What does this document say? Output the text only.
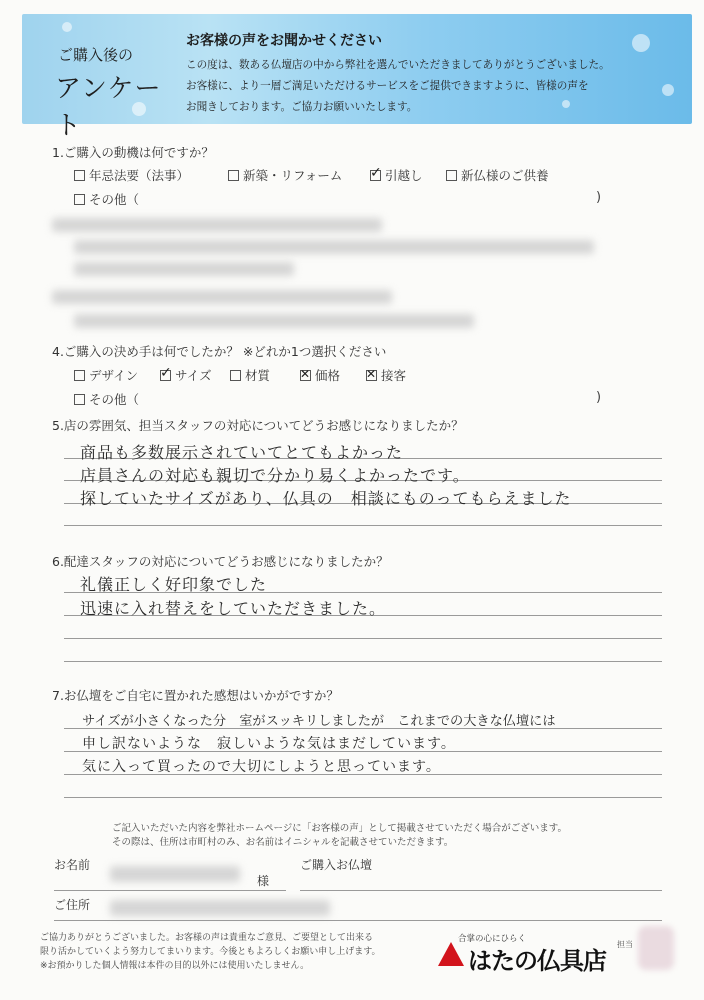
ご購入後の
アンケート
お客様の声をお聞かせください
この度は、数ある仏壇店の中から弊社を選んでいただきましてありがとうございました。
お客様に、より一層ご満足いただけるサービスをご提供できますように、皆様の声を
お聞きしております。ご協力お願いいたします。
1.ご購入の動機は何ですか？
年忌法要（法事）	新築・リフォーム ✓	引越し	新仏様のご供養
その他（	)
4.ご購入の決め手は何でしたか？ ※どれか1つ選択ください
デザイン ✓	サイズ	材質 ✕	価格 ✕	接客
その他（	)
5.店の雰囲気、担当スタッフの対応についてどうお感じになりましたか？
商品も多数展示されていてとてもよかった
店員さんの対応も親切で分かり易くよかったです。
探していたサイズがあり、仏具の　相談にものってもらえました
6.配達スタッフの対応についてどうお感じになりましたか？
礼儀正しく好印象でした
迅速に入れ替えをしていただきました。
7.お仏壇をご自宅に置かれた感想はいかがですか？
サイズが小さくなった分　室がスッキリしましたが　これまでの大きな仏壇には
申し訳ないような　寂しいような気はまだしています。
気に入って買ったので大切にしようと思っています。
ご記入いただいた内容を弊社ホームページに「お客様の声」として掲載させていただく場合がございます。
その際は、住所は市町村のみ、お名前はイニシャルを記載させていただきます。
お名前
様
ご購入お仏壇
ご住所
ご協力ありがとうございました。お客様の声は貴重なご意見、ご要望として出来る
限り活かしていくよう努力してまいります。今後ともよろしくお願い申し上げます。
※お預かりした個人情報は本件の目的以外には使用いたしません。
合掌の心にひらく
はたの仏具店
担当
